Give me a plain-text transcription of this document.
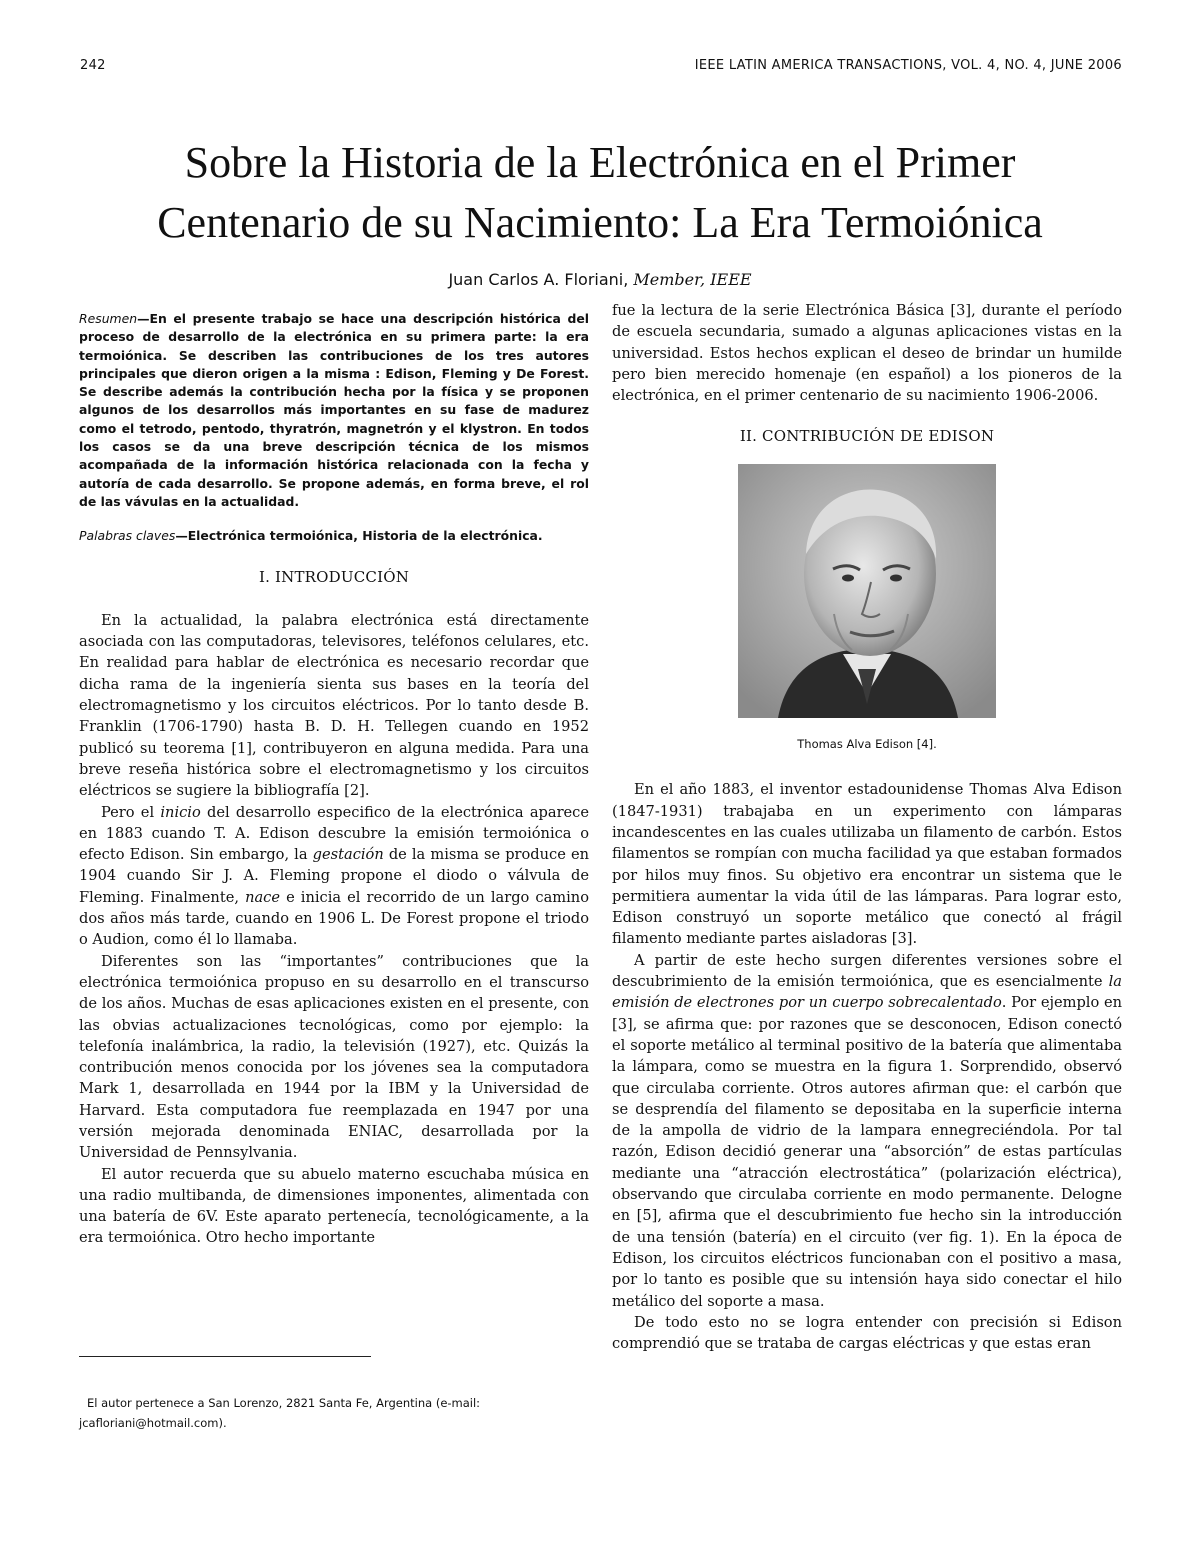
242	IEEE LATIN AMERICA TRANSACTIONS, VOL. 4, NO. 4, JUNE 2006
Sobre la Historia de la Electrónica en el Primer
Centenario de su Nacimiento: La Era Termoiónica
Juan Carlos A. Floriani, Member, IEEE

Resumen—En el presente trabajo se hace una descripción histórica del proceso de desarrollo de la electrónica en su primera parte: la era termoiónica. Se describen las contribuciones de los tres autores principales que dieron origen a la misma : Edison, Fleming y De Forest. Se describe además la contribución hecha por la física y se proponen algunos de los desarrollos más importantes en su fase de madurez como el tetrodo, pentodo, thyratrón, magnetrón y el klystron. En todos los casos se da una breve descripción técnica de los mismos acompañada de la información histórica relacionada con la fecha y autoría de cada desarrollo. Se propone además, en forma breve, el rol de las vávulas en la actualidad.

Palabras claves—Electrónica termoiónica, Historia de la electrónica.

I. INTRODUCCIÓN

En la actualidad, la palabra electrónica está directamente asociada con las computadoras, televisores, teléfonos celulares, etc. En realidad para hablar de electrónica es necesario recordar que dicha rama de la ingeniería sienta sus bases en la teoría del electromagnetismo y los circuitos eléctricos. Por lo tanto desde B. Franklin (1706-1790) hasta B. D. H. Tellegen cuando en 1952 publicó su teorema [1], contribuyeron en alguna medida. Para una breve reseña histórica sobre el electromagnetismo y los circuitos eléctricos se sugiere la bibliografía [2].

Pero el inicio del desarrollo especifico de la electrónica aparece en 1883 cuando T. A. Edison descubre la emisión termoiónica o efecto Edison. Sin embargo, la gestación de la misma se produce en 1904 cuando Sir J. A. Fleming propone el diodo o válvula de Fleming. Finalmente, nace e inicia el recorrido de un largo camino dos años más tarde, cuando en 1906 L. De Forest propone el triodo o Audion, como él lo llamaba.

Diferentes son las “importantes” contribuciones que la electrónica termoiónica propuso en su desarrollo en el transcurso de los años. Muchas de esas aplicaciones existen en el presente, con las obvias actualizaciones tecnológicas, como por ejemplo: la telefonía inalámbrica, la radio, la televisión (1927), etc. Quizás la contribución menos conocida por los jóvenes sea la computadora Mark 1, desarrollada en 1944 por la IBM y la Universidad de Harvard. Esta computadora fue reemplazada en 1947 por una versión mejorada denominada ENIAC, desarrollada por la Universidad de Pennsylvania.

El autor recuerda que su abuelo materno escuchaba música en una radio multibanda, de dimensiones imponentes, alimentada con una batería de 6V. Este aparato pertenecía, tecnológicamente, a la era termoiónica. Otro hecho importante

El autor pertenece a San Lorenzo, 2821 Santa Fe, Argentina (e-mail: jcafloriani@hotmail.com).

fue la lectura de la serie Electrónica Básica [3], durante el período de escuela secundaria, sumado a algunas aplicaciones vistas en la universidad. Estos hechos explican el deseo de brindar un humilde pero bien merecido homenaje (en español) a los pioneros de la electrónica, en el primer centenario de su nacimiento 1906-2006.

II. CONTRIBUCIÓN DE EDISON
Thomas Alva Edison [4].

En el año 1883, el inventor estadounidense Thomas Alva Edison (1847-1931) trabajaba en un experimento con lámparas incandescentes en las cuales utilizaba un filamento de carbón. Estos filamentos se rompían con mucha facilidad ya que estaban formados por hilos muy finos. Su objetivo era encontrar un sistema que le permitiera aumentar la vida útil de las lámparas. Para lograr esto, Edison construyó un soporte metálico que conectó al frágil filamento mediante partes aisladoras [3].

A partir de este hecho surgen diferentes versiones sobre el descubrimiento de la emisión termoiónica, que es esencialmente la emisión de electrones por un cuerpo sobrecalentado. Por ejemplo en [3], se afirma que: por razones que se desconocen, Edison conectó el soporte metálico al terminal positivo de la batería que alimentaba la lámpara, como se muestra en la figura 1. Sorprendido, observó que circulaba corriente. Otros autores afirman que: el carbón que se desprendía del filamento se depositaba en la superficie interna de la ampolla de vidrio de la lampara ennegreciéndola. Por tal razón, Edison decidió generar una “absorción” de estas partículas mediante una “atracción electrostática” (polarización eléctrica), observando que circulaba corriente en modo permanente. Delogne en [5], afirma que el descubrimiento fue hecho sin la introducción de una tensión (batería) en el circuito (ver fig. 1). En la época de Edison, los circuitos eléctricos funcionaban con el positivo a masa, por lo tanto es posible que su intensión haya sido conectar el hilo metálico del soporte a masa.

De todo esto no se logra entender con precisión si Edison comprendió que se trataba de cargas eléctricas y que estas eran
